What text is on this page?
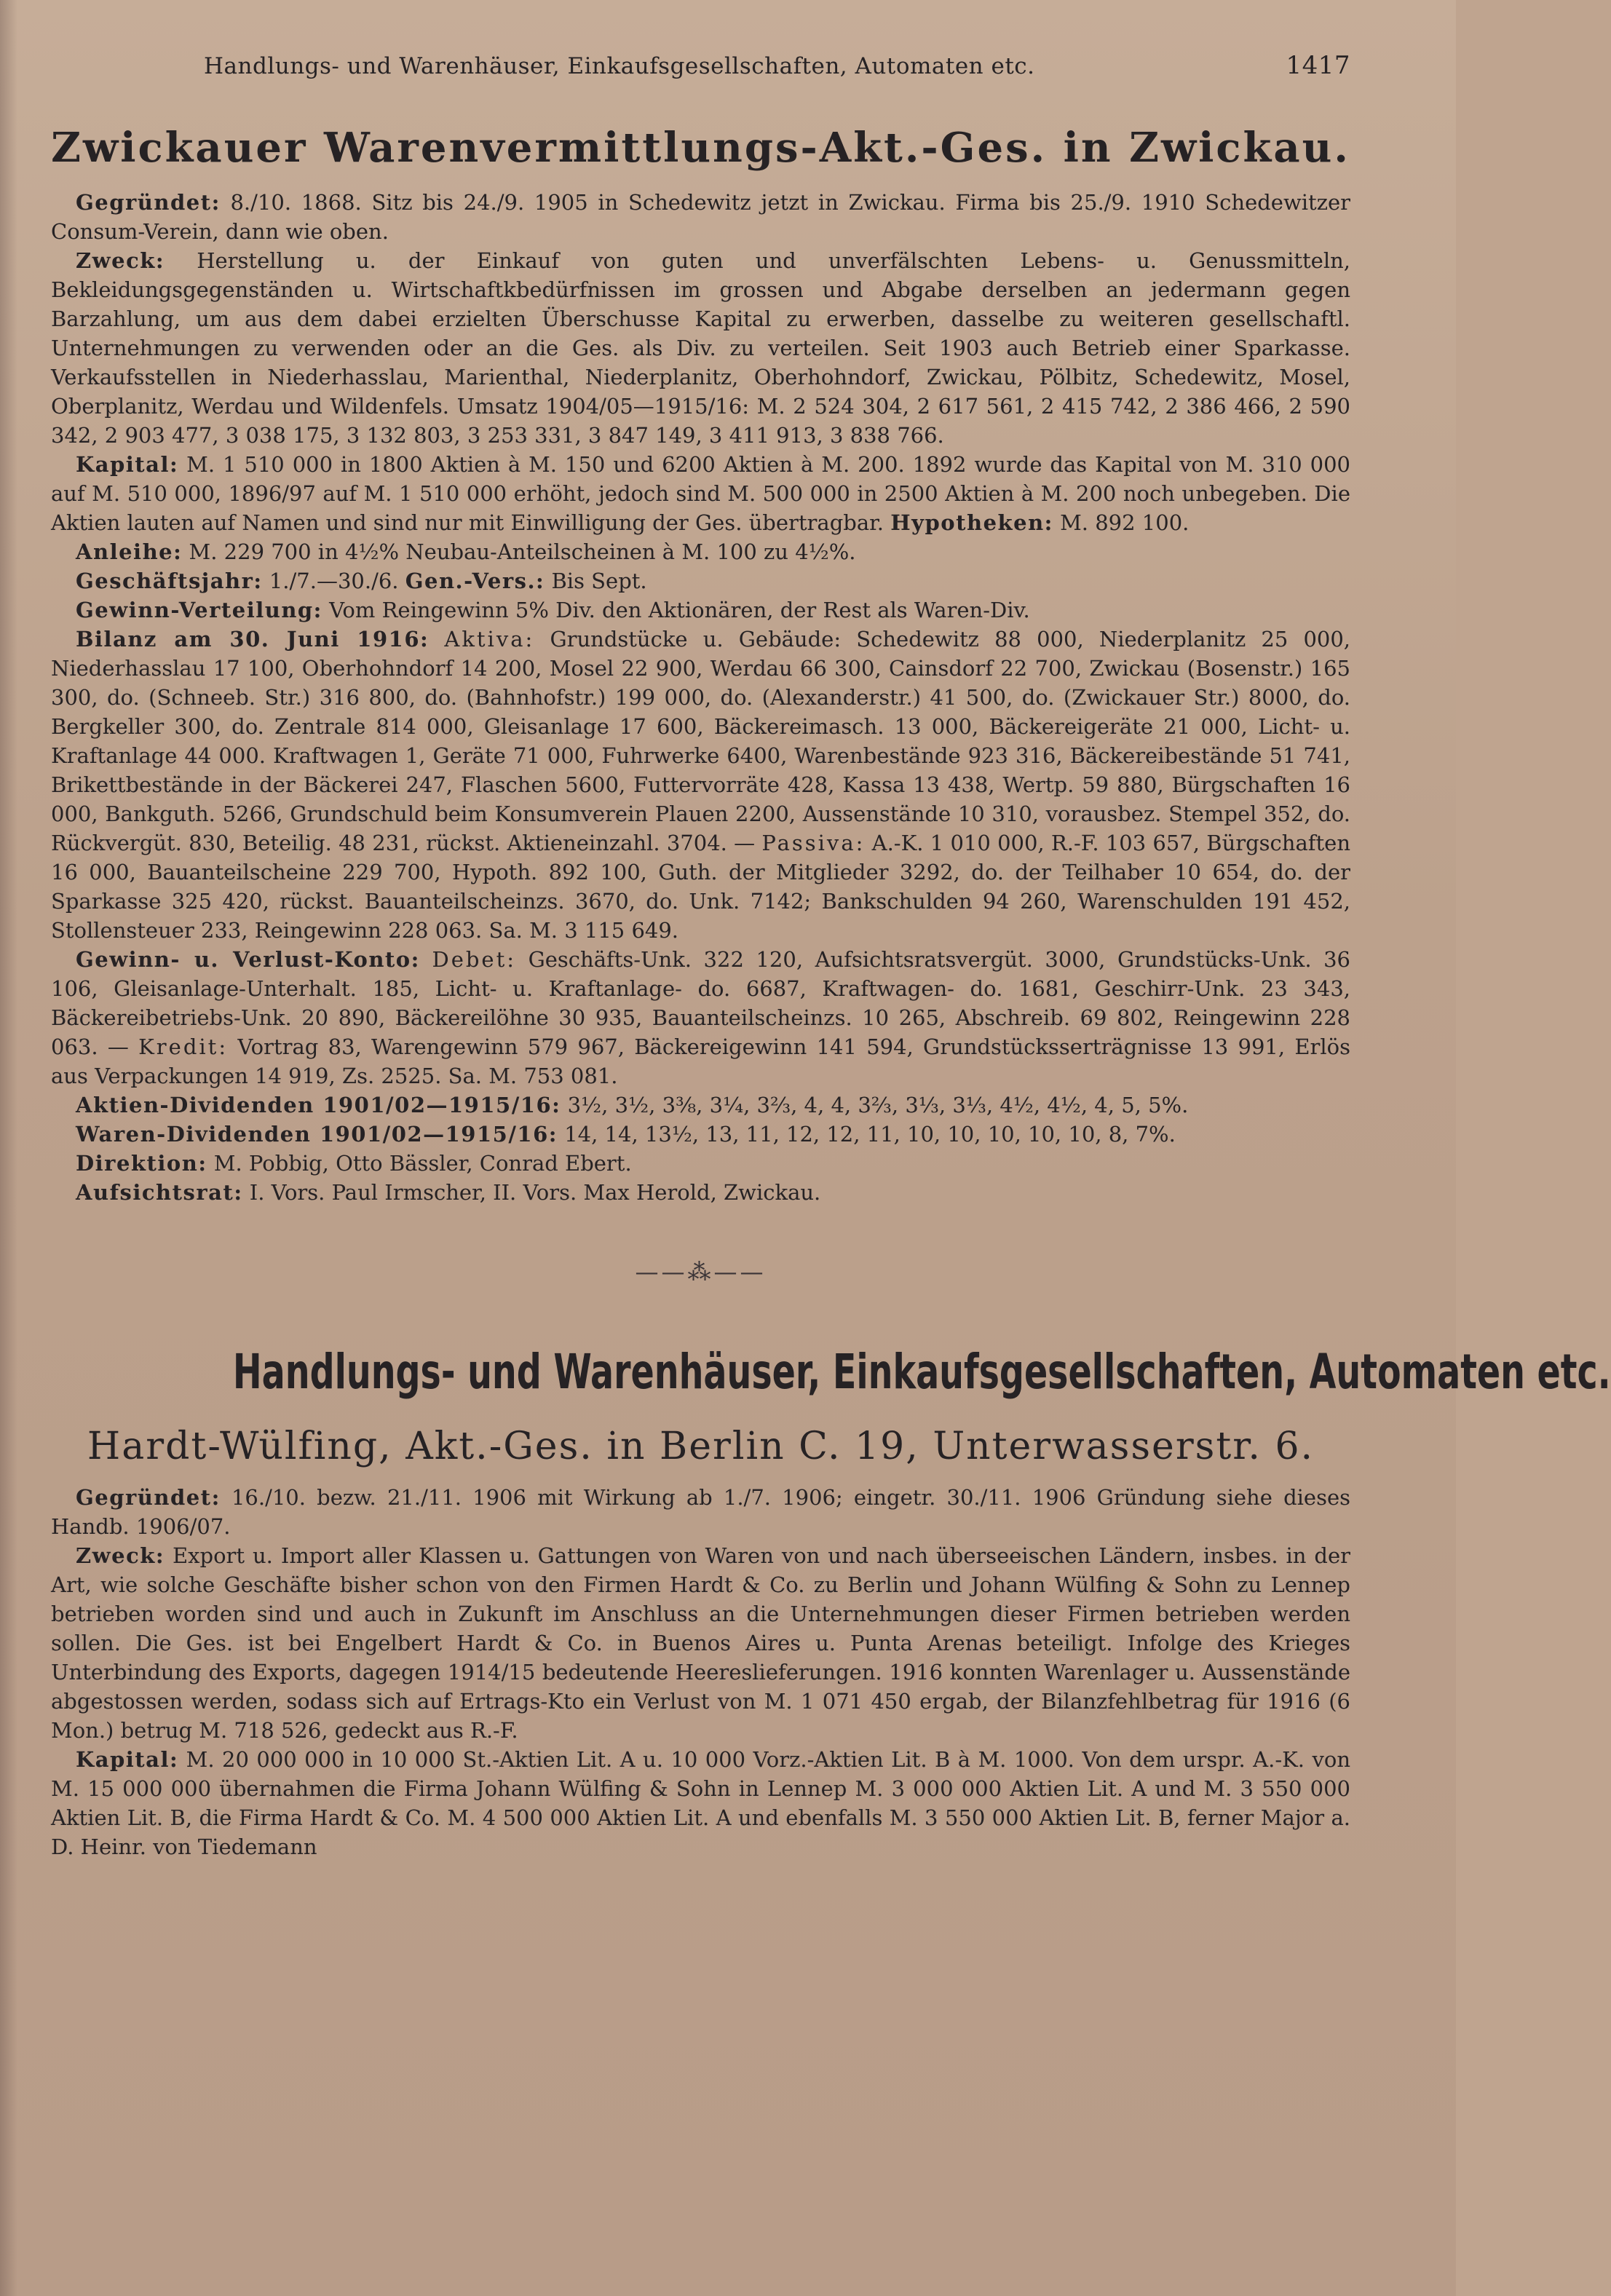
Handlungs- und Warenhäuser, Einkaufsgesellschaften, Automaten etc.	1417
Zwickauer Warenvermittlungs-Akt.-Ges. in Zwickau.

Gegründet: 8./10. 1868. Sitz bis 24./9. 1905 in Schedewitz jetzt in Zwickau. Firma bis 25./9. 1910 Schedewitzer Consum-Verein, dann wie oben.

Zweck: Herstellung u. der Einkauf von guten und unverfälschten Lebens- u. Genussmitteln, Bekleidungsgegenständen u. Wirtschaftkbedürfnissen im grossen und Abgabe derselben an jedermann gegen Barzahlung, um aus dem dabei erzielten Überschusse Kapital zu erwerben, dasselbe zu weiteren gesellschaftl. Unternehmungen zu verwenden oder an die Ges. als Div. zu verteilen. Seit 1903 auch Betrieb einer Sparkasse. Verkaufsstellen in Niederhasslau, Marienthal, Niederplanitz, Oberhohndorf, Zwickau, Pölbitz, Schedewitz, Mosel, Oberplanitz, Werdau und Wildenfels. Umsatz 1904/05—1915/16: M. 2 524 304, 2 617 561, 2 415 742, 2 386 466, 2 590 342, 2 903 477, 3 038 175, 3 132 803, 3 253 331, 3 847 149, 3 411 913, 3 838 766.

Kapital: M. 1 510 000 in 1800 Aktien à M. 150 und 6200 Aktien à M. 200. 1892 wurde das Kapital von M. 310 000 auf M. 510 000, 1896/97 auf M. 1 510 000 erhöht, jedoch sind M. 500 000 in 2500 Aktien à M. 200 noch unbegeben. Die Aktien lauten auf Namen und sind nur mit Einwilligung der Ges. übertragbar. Hypotheken: M. 892 100.

Anleihe: M. 229 700 in 4½% Neubau-Anteilscheinen à M. 100 zu 4½%.

Geschäftsjahr: 1./7.—30./6. Gen.-Vers.: Bis Sept.

Gewinn-Verteilung: Vom Reingewinn 5% Div. den Aktionären, der Rest als Waren-Div.

Bilanz am 30. Juni 1916: Aktiva: Grundstücke u. Gebäude: Schedewitz 88 000, Niederplanitz 25 000, Niederhasslau 17 100, Oberhohndorf 14 200, Mosel 22 900, Werdau 66 300, Cainsdorf 22 700, Zwickau (Bosenstr.) 165 300, do. (Schneeb. Str.) 316 800, do. (Bahnhofstr.) 199 000, do. (Alexanderstr.) 41 500, do. (Zwickauer Str.) 8000, do. Bergkeller 300, do. Zentrale 814 000, Gleisanlage 17 600, Bäckereimasch. 13 000, Bäckereigeräte 21 000, Licht- u. Kraftanlage 44 000. Kraftwagen 1, Geräte 71 000, Fuhrwerke 6400, Warenbestände 923 316, Bäckereibestände 51 741, Brikettbestände in der Bäckerei 247, Flaschen 5600, Futtervorräte 428, Kassa 13 438, Wertp. 59 880, Bürgschaften 16 000, Bankguth. 5266, Grundschuld beim Konsumverein Plauen 2200, Aussenstände 10 310, vorausbez. Stempel 352, do. Rückvergüt. 830, Beteilig. 48 231, rückst. Aktieneinzahl. 3704. — Passiva: A.-K. 1 010 000, R.-F. 103 657, Bürgschaften 16 000, Bauanteilscheine 229 700, Hypoth. 892 100, Guth. der Mitglieder 3292, do. der Teilhaber 10 654, do. der Sparkasse 325 420, rückst. Bauanteilscheinzs. 3670, do. Unk. 7142; Bankschulden 94 260, Warenschulden 191 452, Stollensteuer 233, Reingewinn 228 063. Sa. M. 3 115 649.

Gewinn- u. Verlust-Konto: Debet: Geschäfts-Unk. 322 120, Aufsichtsratsvergüt. 3000, Grundstücks-Unk. 36 106, Gleisanlage-Unterhalt. 185, Licht- u. Kraftanlage- do. 6687, Kraftwagen- do. 1681, Geschirr-Unk. 23 343, Bäckereibetriebs-Unk. 20 890, Bäckereilöhne 30 935, Bauanteilscheinzs. 10 265, Abschreib. 69 802, Reingewinn 228 063. — Kredit: Vortrag 83, Warengewinn 579 967, Bäckereigewinn 141 594, Grundstücksserträgnisse 13 991, Erlös aus Verpackungen 14 919, Zs. 2525. Sa. M. 753 081.

Aktien-Dividenden 1901/02—1915/16: 3½, 3½, 3⅜, 3¼, 3⅔, 4, 4, 3⅔, 3⅓, 3⅓, 4½, 4½, 4, 5, 5%.

Waren-Dividenden 1901/02—1915/16: 14, 14, 13½, 13, 11, 12, 12, 11, 10, 10, 10, 10, 10, 8, 7%.

Direktion: M. Pobbig, Otto Bässler, Conrad Ebert.

Aufsichtsrat: I. Vors. Paul Irmscher, II. Vors. Max Herold, Zwickau.

——⁂——
Handlungs- und Warenhäuser, Einkaufsgesellschaften, Automaten etc.
Hardt-Wülfing, Akt.-Ges. in Berlin C. 19, Unterwasserstr. 6.

Gegründet: 16./10. bezw. 21./11. 1906 mit Wirkung ab 1./7. 1906; eingetr. 30./11. 1906 Gründung siehe dieses Handb. 1906/07.

Zweck: Export u. Import aller Klassen u. Gattungen von Waren von und nach überseeischen Ländern, insbes. in der Art, wie solche Geschäfte bisher schon von den Firmen Hardt & Co. zu Berlin und Johann Wülfing & Sohn zu Lennep betrieben worden sind und auch in Zukunft im Anschluss an die Unternehmungen dieser Firmen betrieben werden sollen. Die Ges. ist bei Engelbert Hardt & Co. in Buenos Aires u. Punta Arenas beteiligt. Infolge des Krieges Unterbindung des Exports, dagegen 1914/15 bedeutende Heereslieferungen. 1916 konnten Warenlager u. Aussenstände abgestossen werden, sodass sich auf Ertrags-Kto ein Verlust von M. 1 071 450 ergab, der Bilanzfehlbetrag für 1916 (6 Mon.) betrug M. 718 526, gedeckt aus R.-F.

Kapital: M. 20 000 000 in 10 000 St.-Aktien Lit. A u. 10 000 Vorz.-Aktien Lit. B à M. 1000. Von dem urspr. A.-K. von M. 15 000 000 übernahmen die Firma Johann Wülfing & Sohn in Lennep M. 3 000 000 Aktien Lit. A und M. 3 550 000 Aktien Lit. B, die Firma Hardt & Co. M. 4 500 000 Aktien Lit. A und ebenfalls M. 3 550 000 Aktien Lit. B, ferner Major a. D. Heinr. von Tiedemann
